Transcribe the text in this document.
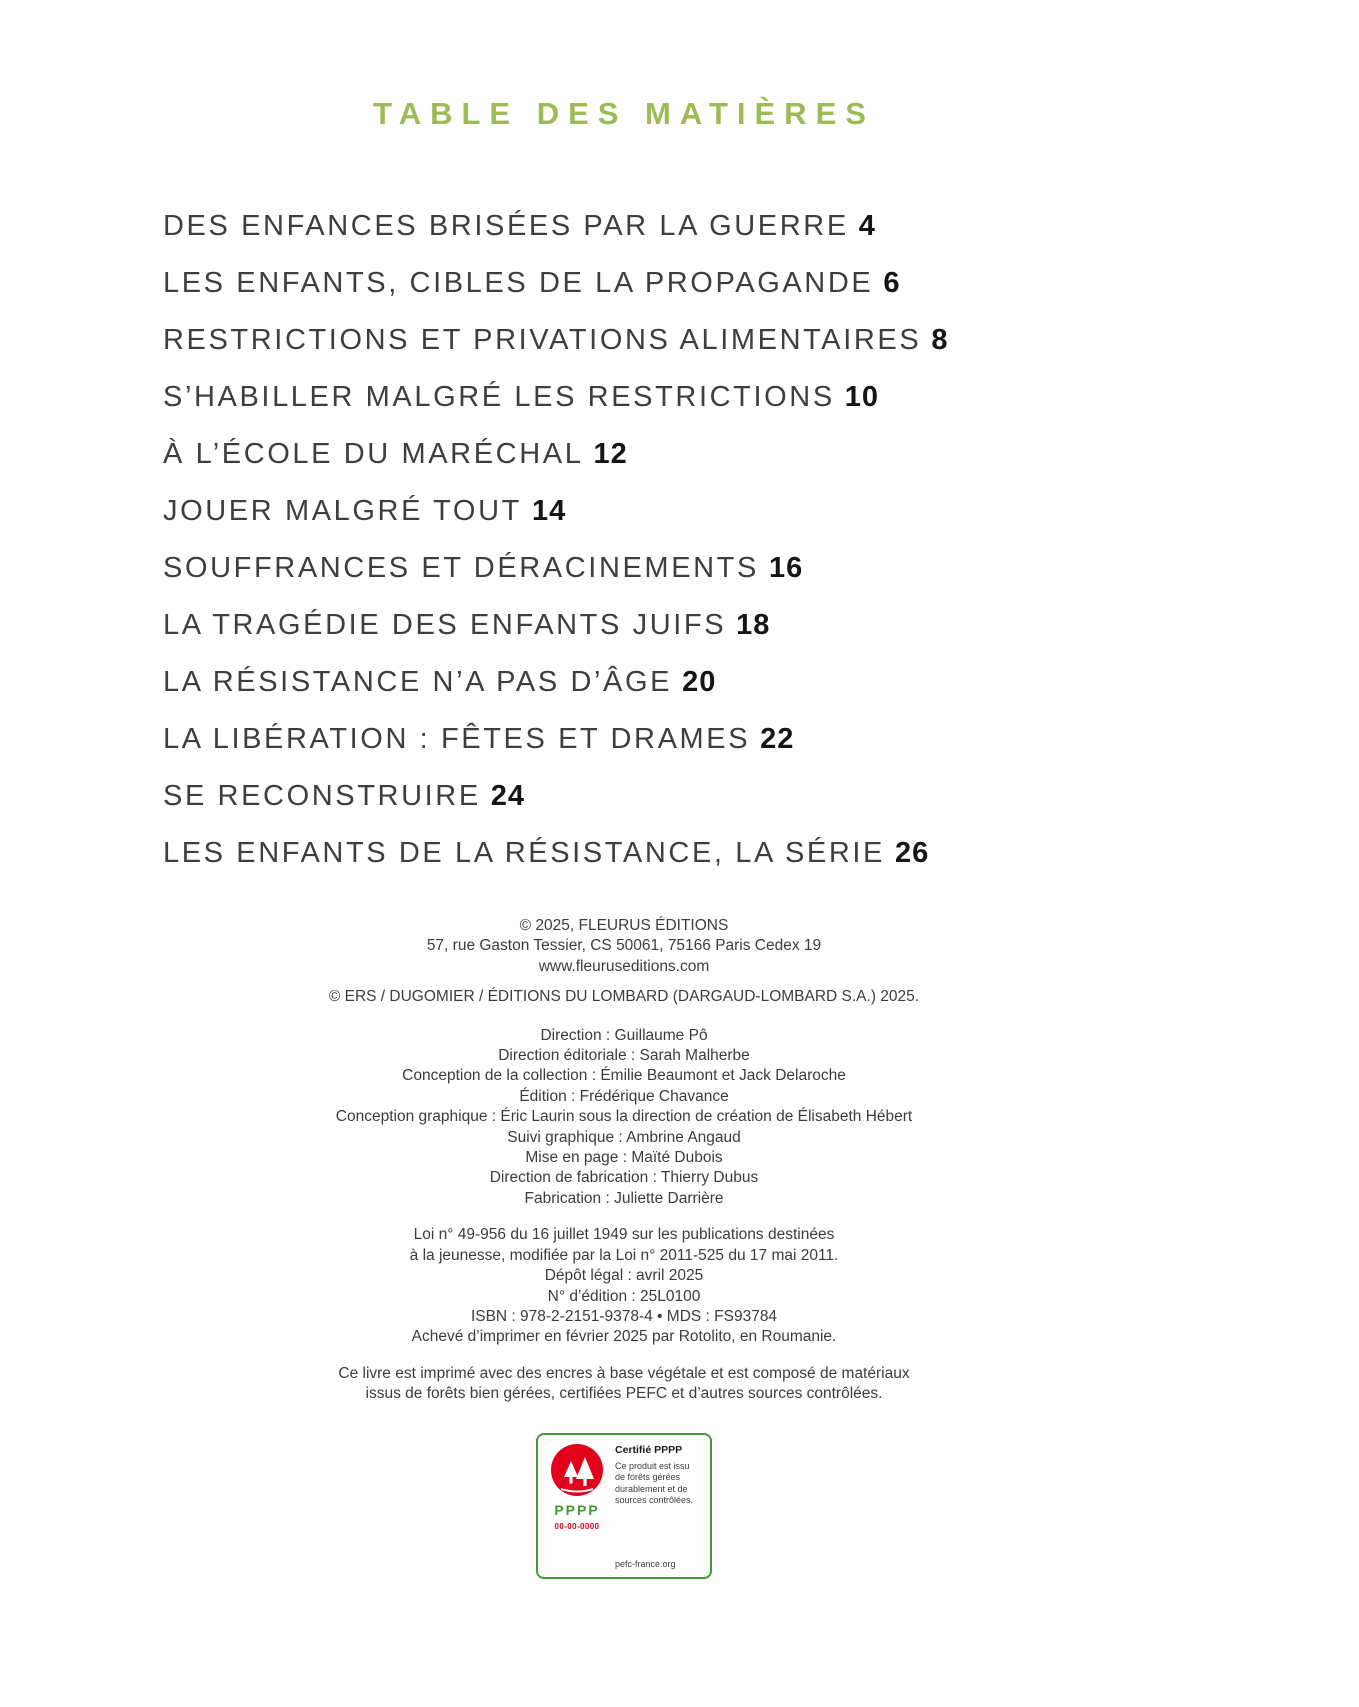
TABLE DES MATIÈRES
DES ENFANCES BRISÉES PAR LA GUERRE 4
LES ENFANTS, CIBLES DE LA PROPAGANDE 6
RESTRICTIONS ET PRIVATIONS ALIMENTAIRES 8
S’HABILLER MALGRÉ LES RESTRICTIONS 10
À L’ÉCOLE DU MARÉCHAL 12
JOUER MALGRÉ TOUT 14
SOUFFRANCES ET DÉRACINEMENTS 16
LA TRAGÉDIE DES ENFANTS JUIFS 18
LA RÉSISTANCE N’A PAS D’ÂGE 20
LA LIBÉRATION : FÊTES ET DRAMES 22
SE RECONSTRUIRE 24
LES ENFANTS DE LA RÉSISTANCE, LA SÉRIE 26
© 2025, FLEURUS ÉDITIONS
57, rue Gaston Tessier, CS 50061, 75166 Paris Cedex 19
www.fleuruseditions.com
© ERS / DUGOMIER / ÉDITIONS DU LOMBARD (DARGAUD-LOMBARD S.A.) 2025.
Direction : Guillaume Pô
Direction éditoriale : Sarah Malherbe
Conception de la collection : Émilie Beaumont et Jack Delaroche
Édition : Frédérique Chavance
Conception graphique : Éric Laurin sous la direction de création de Élisabeth Hébert
Suivi graphique : Ambrine Angaud
Mise en page : Maïté Dubois
Direction de fabrication : Thierry Dubus
Fabrication : Juliette Darrière
Loi n° 49-956 du 16 juillet 1949 sur les publications destinées
à la jeunesse, modifiée par la Loi n° 2011-525 du 17 mai 2011.
Dépôt légal : avril 2025
N° d’édition : 25L0100
ISBN : 978-2-2151-9378-4 • MDS : FS93784
Achevé d’imprimer en février 2025 par Rotolito, en Roumanie.
Ce livre est imprimé avec des encres à base végétale et est composé de matériaux
issus de forêts bien gérées, certifiées PEFC et d’autres sources contrôlées.
PPPP
00-00-0000
Certifié PPPP
Ce produit est issu de forêts gérées durablement et de sources contrôlées.
pefc-france.org
